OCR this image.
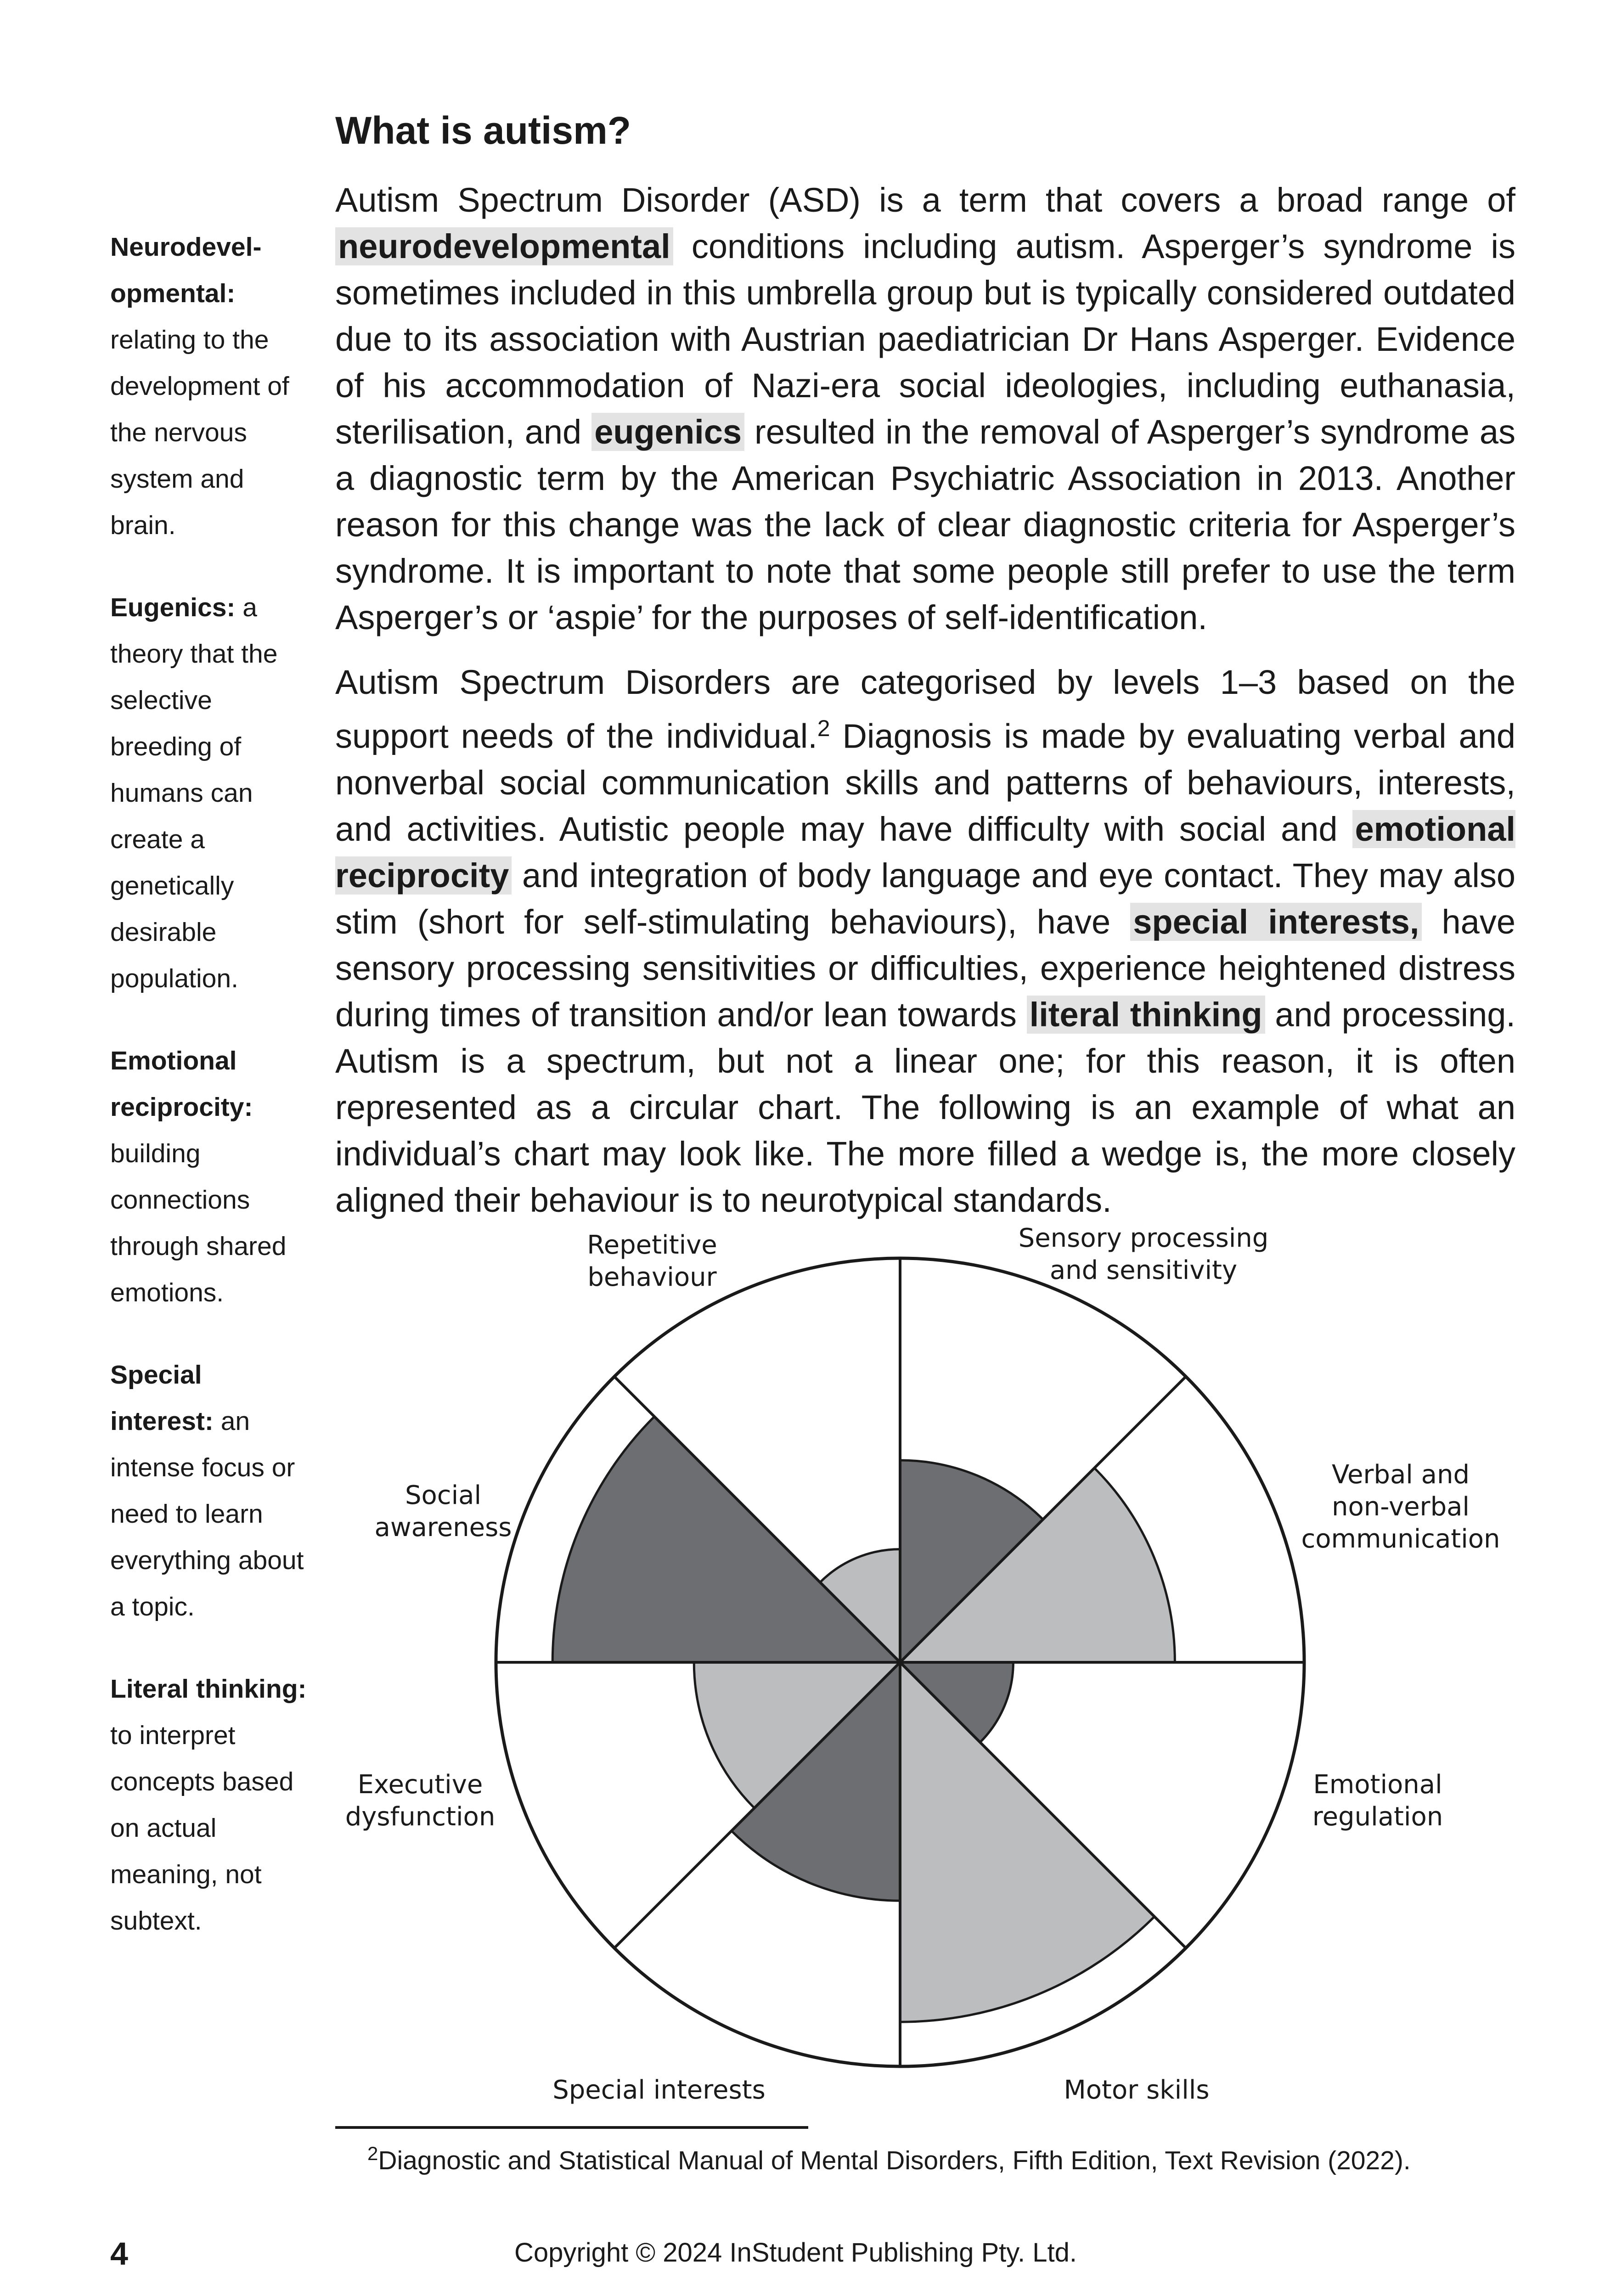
What is autism?

Autism Spectrum Disorder (ASD) is a term that covers a broad range of neurodevelopmental conditions including autism. Asperger’s syndrome is sometimes included in this umbrella group but is typically considered outdated due to its association with Austrian paediatrician Dr Hans Asperger. Evidence of his accommodation of Nazi-era social ideologies, including euthanasia, sterilisation, and eugenics resulted in the removal of Asperger’s syndrome as a diagnostic term by the American Psychiatric Association in 2013. Another reason for this change was the lack of clear diagnostic criteria for Asperger’s syndrome. It is important to note that some people still prefer to use the term Asperger’s or ‘aspie’ for the purposes of self-identification.

Autism Spectrum Disorders are categorised by levels 1–3 based on the support needs of the individual.$^2$ Diagnosis is made by evaluating verbal and nonverbal social communication skills and patterns of behaviours, interests, and activities. Autistic people may have difficulty with social and emotional reciprocity and integration of body language and eye contact. They may also stim (short for self-stimulating behaviours), have special interests, have sensory processing sensitivities or difficulties, experience heightened distress during times of transition and/or lean towards literal thinking and processing. Autism is a spectrum, but not a linear one; for this reason, it is often represented as a circular chart. The following is an example of what an individual’s chart may look like. The more filled a wedge is, the more closely aligned their behaviour is to neurotypical standards.

Neurodevel-opmental: relating to the development of the nervous system and brain.
Eugenics: a theory that the selective breeding of humans can create a genetically desirable population.
Emotional reciprocity: building connections through shared emotions.
Special interest: an intense focus or need to learn everything about a topic.
Literal thinking: to interpret concepts based on actual meaning, not subtext.
Sensory processing and sensitivity
Verbal and non-verbal communication
Emotional regulation
Motor skills
Special interests
Executive dysfunction
Social awareness
Repetitive behaviour
$^2$Diagnostic and Statistical Manual of Mental Disorders, Fifth Edition, Text Revision (2022).
4	Copyright © 2024 InStudent Publishing Pty. Ltd.
